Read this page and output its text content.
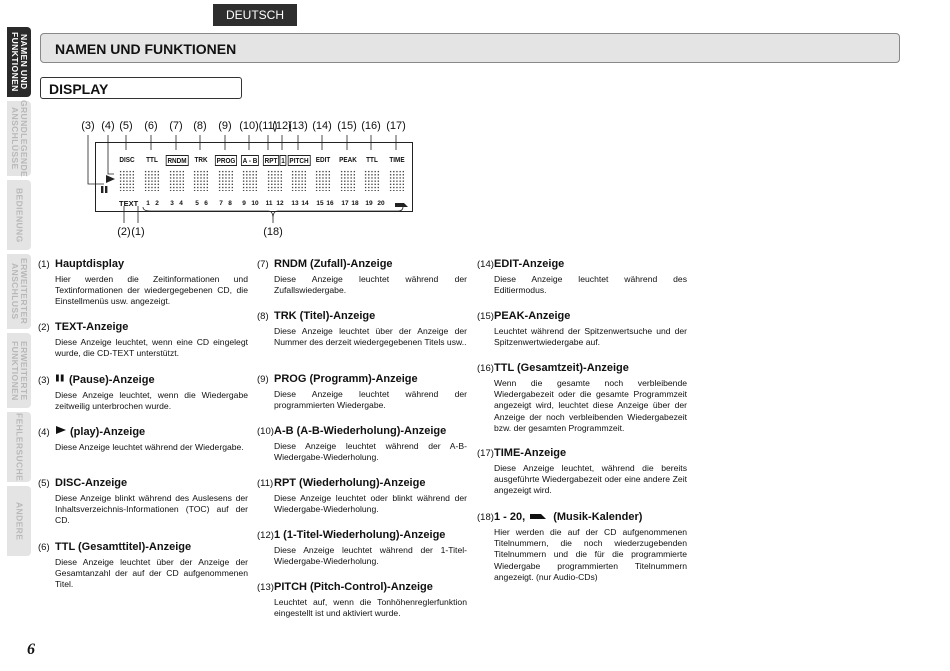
DEUTSCH
NAMEN UND
FUNKTIONEN
GRUNDLEGENDE
ANSCHLÜSSE
BEDIENUNG
ERWEITERTER
ANSCHLUSS
ERWEITERTE
FUNKTIONEN
FEHLERSUCHE
ANDERE
NAMEN UND FUNKTIONEN
DISPLAY
(3) (4) (5) (6) (7) (8) (9) (10) (11)
(12)
(13) (14) (15) (16) (17)
DISC TTL RNDM TRK PROG A - B RPT 1 PITCH EDIT PEAK TTL TIME
TEXT 1 2 3 4 5 6 7 8 9 10 11 12 13 14 15 16 17 18 19 20
(2) (1)	(18)
(1) Hauptdisplay
Hier werden die Zeitinformationen und Textinformationen der wiedergegebenen CD, die Einstellmenüs usw. angezeigt.
(2) TEXT-Anzeige
Diese Anzeige leuchtet, wenn eine CD eingelegt wurde, die CD-TEXT unterstützt.
(3)	(Pause)-Anzeige
Diese Anzeige leuchtet, wenn die Wiedergabe zeitweilig unterbrochen wurde.
(4)	(play)-Anzeige
Diese Anzeige leuchtet während der Wiedergabe.
(5) DISC-Anzeige
Diese Anzeige blinkt während des Auslesens der Inhaltsverzeichnis-Informationen (TOC) auf der CD.
(6) TTL (Gesamttitel)-Anzeige
Diese Anzeige leuchtet über der Anzeige der Gesamtanzahl der auf der CD aufgenommenen Titel.
(7) RNDM (Zufall)-Anzeige
Diese Anzeige leuchtet während der Zufallswiedergabe.
(8) TRK (Titel)-Anzeige
Diese Anzeige leuchtet über der Anzeige der Nummer des derzeit wiedergegebenen Titels usw..
(9) PROG (Programm)-Anzeige
Diese Anzeige leuchtet während der programmierten Wiedergabe.
(10) A-B (A-B-Wiederholung)-Anzeige
Diese Anzeige leuchtet während der A-B-Wiedergabe-Wiederholung.
(11) RPT (Wiederholung)-Anzeige
Diese Anzeige leuchtet oder blinkt während der Wiedergabe-Wiederholung.
(12) 1 (1-Titel-Wiederholung)-Anzeige
Diese Anzeige leuchtet während der 1-Titel-Wiedergabe-Wiederholung.
(13) PITCH (Pitch-Control)-Anzeige
Leuchtet auf, wenn die Tonhöhenreglerfunktion eingestellt ist und aktiviert wurde.
(14) EDIT-Anzeige
Diese Anzeige leuchtet während des Editiermodus.
(15) PEAK-Anzeige
Leuchtet während der Spitzenwertsuche und der Spitzenwertwiedergabe auf.
(16) TTL (Gesamtzeit)-Anzeige
Wenn die gesamte noch verbleibende Wiedergabezeit oder die gesamte Programmzeit angezeigt wird, leuchtet diese Anzeige über der Anzeige der noch verbleibenden Wiedergabezeit bzw. der gesamten Programmzeit.
(17) TIME-Anzeige
Diese Anzeige leuchtet, während die bereits ausgeführte Wiedergabezeit oder eine andere Zeit angezeigt wird.
(18) 1 - 20,	(Musik-Kalender)
Hier werden die auf der CD aufgenommenen Titelnummern, die noch wiederzugebenden Titelnummern und die für die programmierte Wiedergabe programmierten Titelnummern angezeigt. (nur Audio-CDs)
6
